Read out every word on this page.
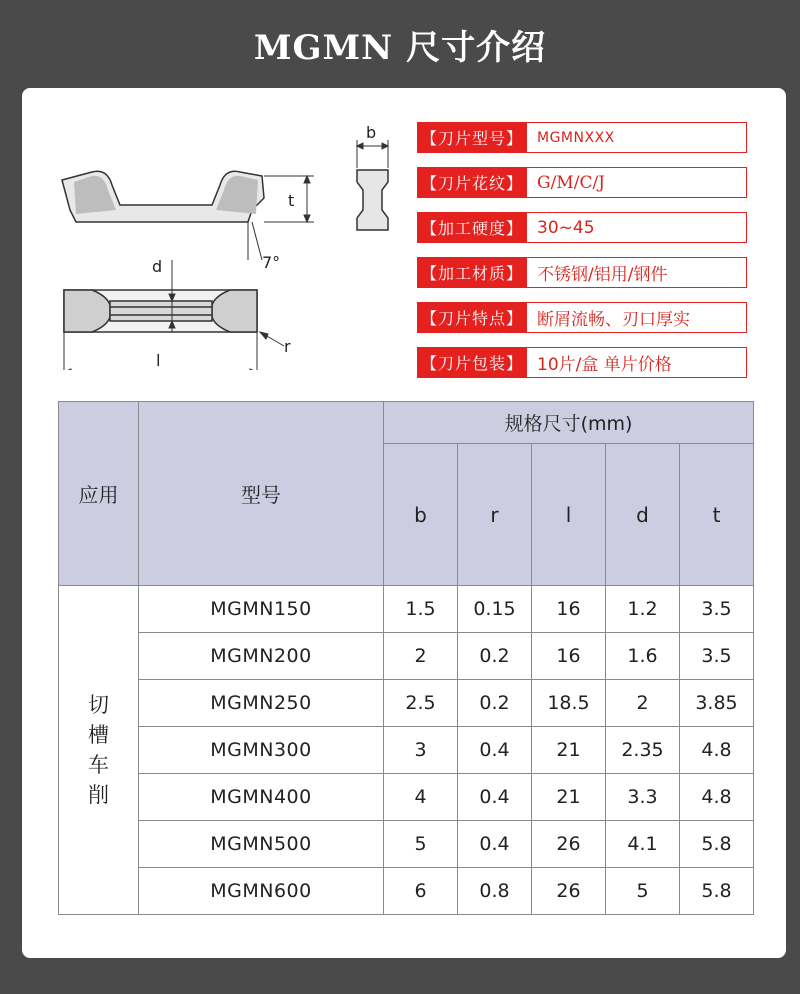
MGMN 尺寸介绍
t
7°
d
r
l
b	【刀片型号】	MGMNXXX
【刀片花纹】 G/M/C/J
【加工硬度】 30~45
【加工材质】 不锈钢/铝用/钢件
【刀片特点】 断屑流畅、刃口厚实
【刀片包装】 10片/盒 单片价格
应用	型号	规格尺寸(mm)				
		b	r	l	d	t
切槽车削	MGMN150	1.5	0.15	16	1.2	3.5
	MGMN200	2	0.2	16	1.6	3.5
	MGMN250	2.5	0.2	18.5	2	3.85
	MGMN300	3	0.4	21	2.35	4.8
	MGMN400	4	0.4	21	3.3	4.8
	MGMN500	5	0.4	26	4.1	5.8
	MGMN600	6	0.8	26	5	5.8
